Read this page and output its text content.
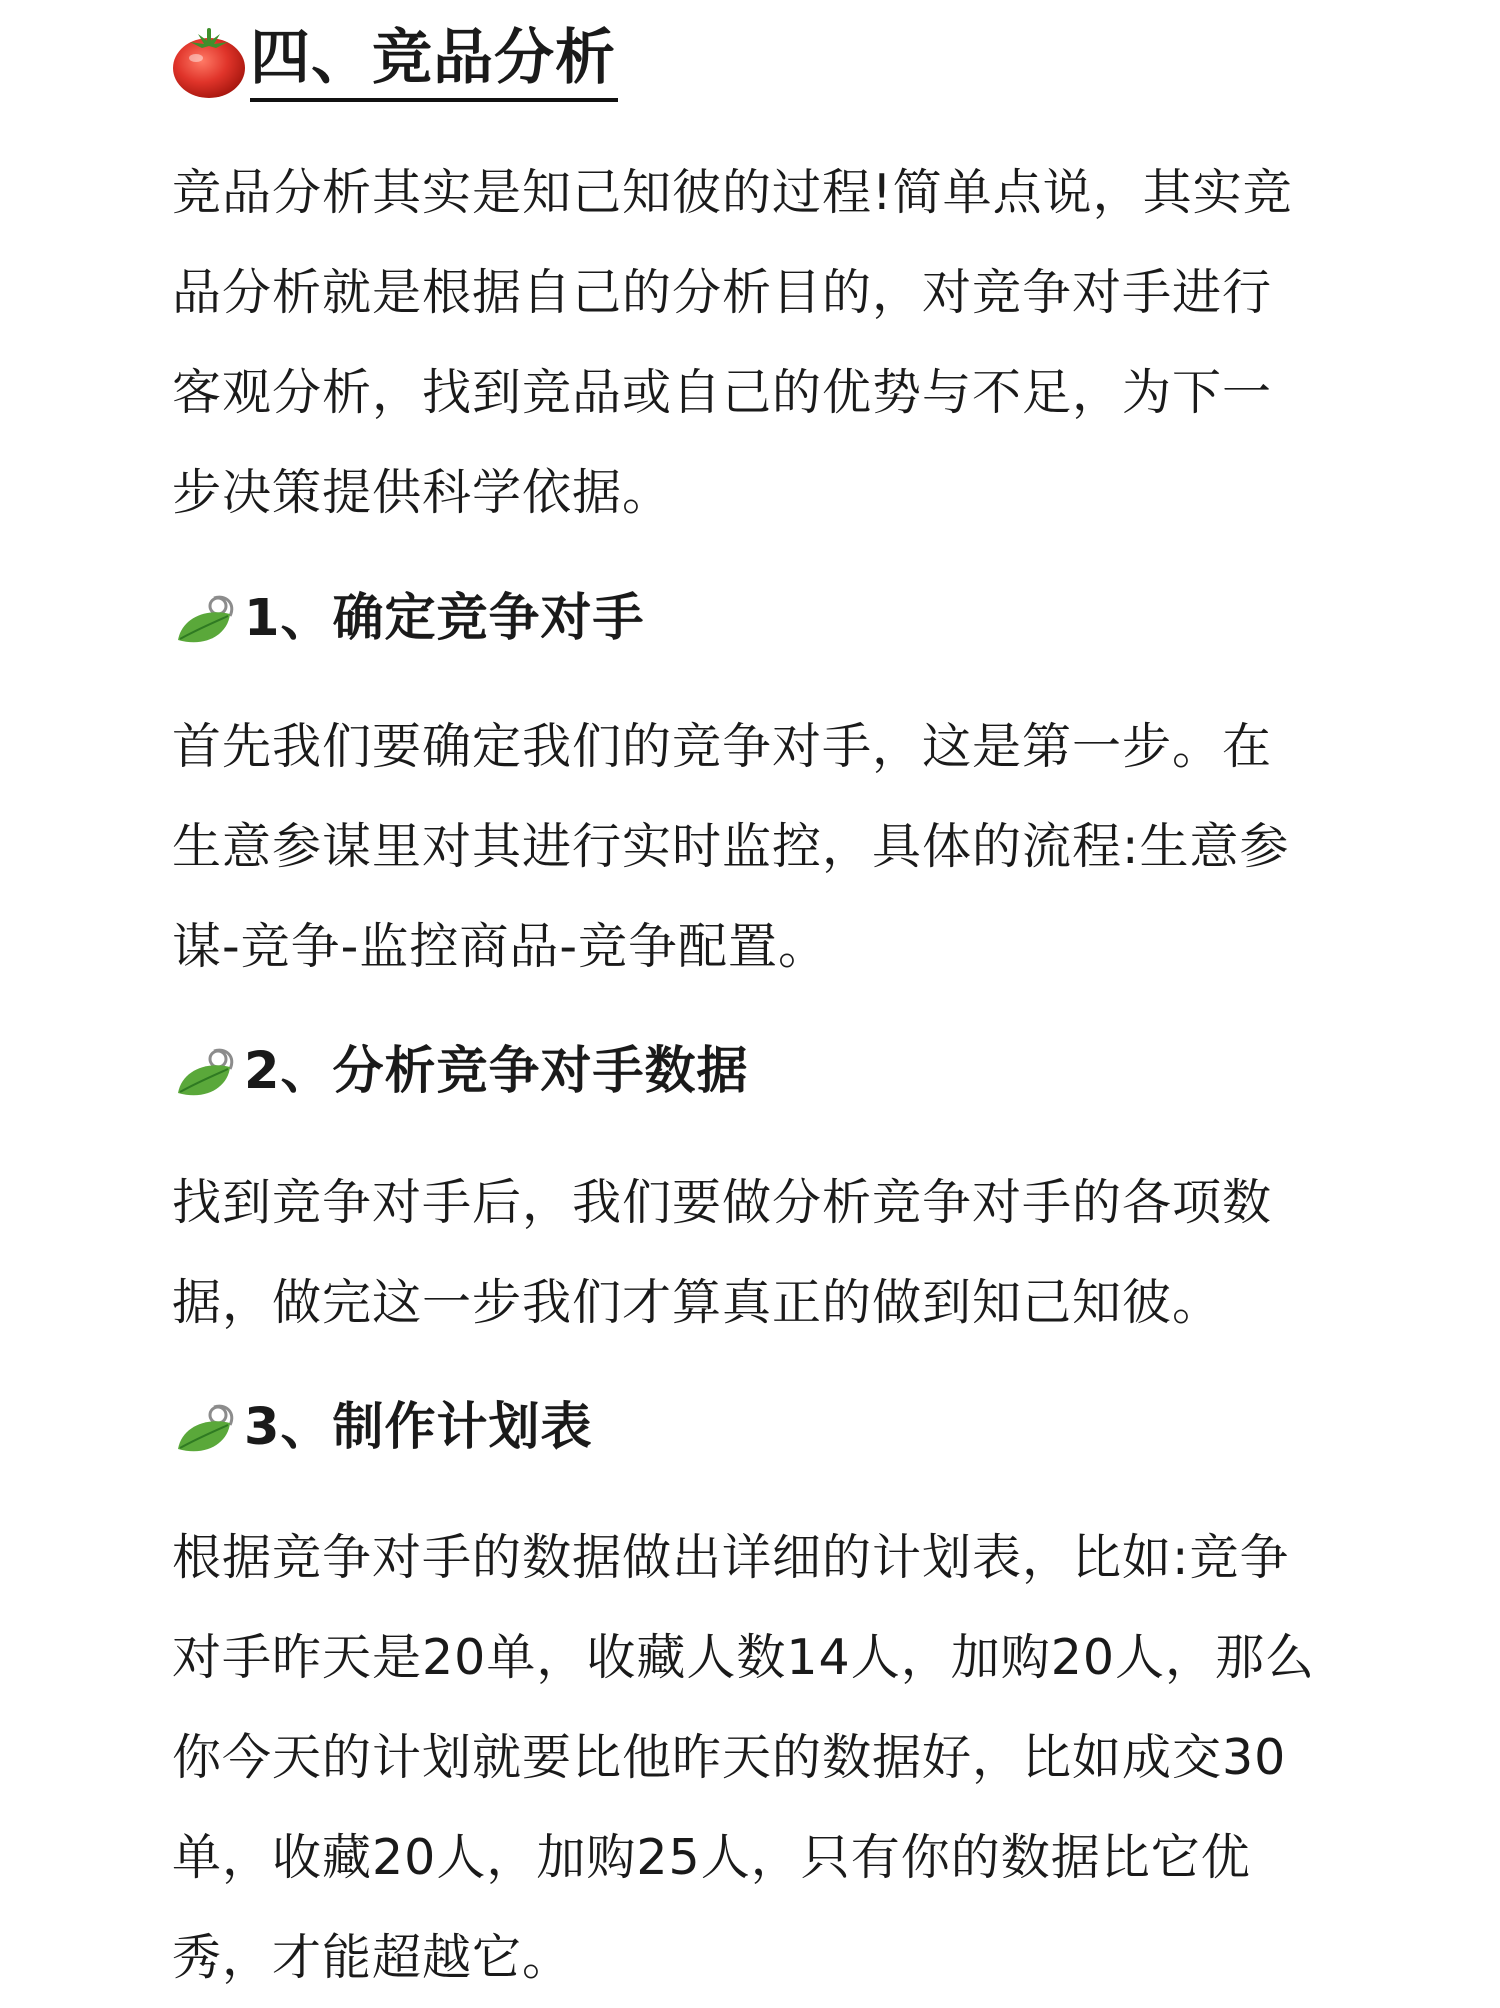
四、竞品分析
竞品分析其实是知己知彼的过程!简单点说，其实竞
品分析就是根据自己的分析目的，对竞争对手进行
客观分析，找到竞品或自己的优势与不足，为下一
步决策提供科学依据。
1、确定竞争对手
首先我们要确定我们的竞争对手，这是第一步。在
生意参谋里对其进行实时监控，具体的流程:生意参
谋-竞争-监控商品-竞争配置。
2、分析竞争对手数据
找到竞争对手后，我们要做分析竞争对手的各项数
据，做完这一步我们才算真正的做到知己知彼。
3、制作计划表
根据竞争对手的数据做出详细的计划表，比如:竞争
对手昨天是20单，收藏人数14人，加购20人，那么
你今天的计划就要比他昨天的数据好，比如成交30
单，收藏20人，加购25人，只有你的数据比它优
秀，才能超越它。
